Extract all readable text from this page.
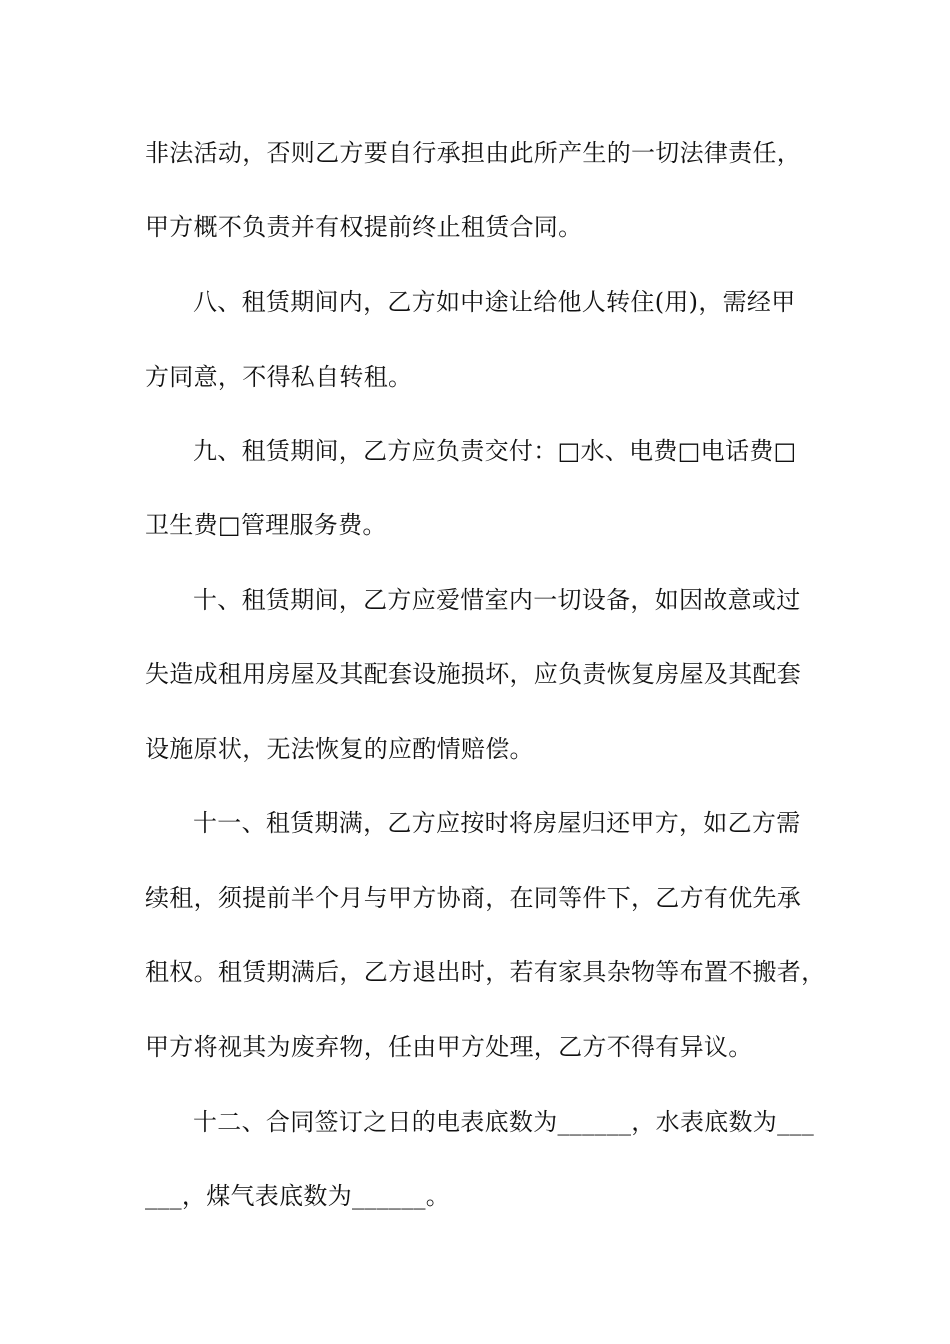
非法活动，否则乙方要自行承担由此所产生的一切法律责任，
甲方概不负责并有权提前终止租赁合同。
八、租赁期间内，乙方如中途让给他人转住(用)，需经甲
方同意，不得私自转租。
九、租赁期间，乙方应负责交付：□水、电费□电话费□
卫生费□管理服务费。
十、租赁期间，乙方应爱惜室内一切设备，如因故意或过
失造成租用房屋及其配套设施损坏，应负责恢复房屋及其配套
设施原状，无法恢复的应酌情赔偿。
十一、租赁期满，乙方应按时将房屋归还甲方，如乙方需
续租，须提前半个月与甲方协商，在同等件下，乙方有优先承
租权。租赁期满后，乙方退出时，若有家具杂物等布置不搬者，
甲方将视其为废弃物，任由甲方处理，乙方不得有异议。
十二、合同签订之日的电表底数为______，水表底数为___
___，煤气表底数为______。
